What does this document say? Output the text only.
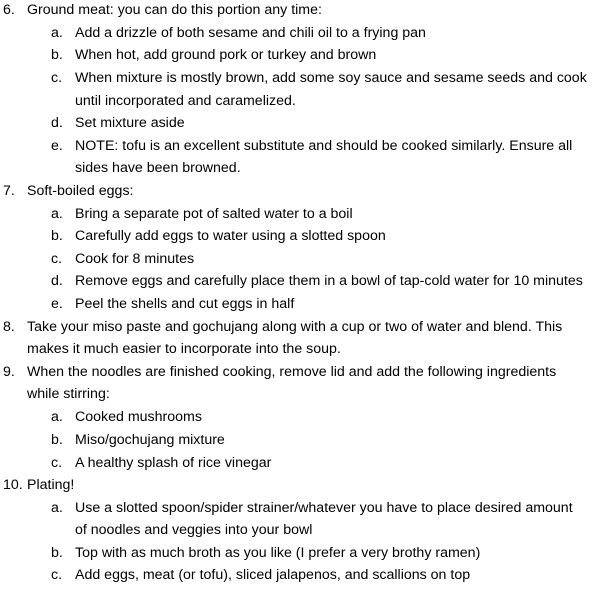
6. Ground meat: you can do this portion any time:
a. Add a drizzle of both sesame and chili oil to a frying pan
b. When hot, add ground pork or turkey and brown
c. When mixture is mostly brown, add some soy sauce and sesame seeds and cook
until incorporated and caramelized.
d. Set mixture aside
e. NOTE: tofu is an excellent substitute and should be cooked similarly. Ensure all
sides have been browned.
7. Soft-boiled eggs:
a. Bring a separate pot of salted water to a boil
b. Carefully add eggs to water using a slotted spoon
c. Cook for 8 minutes
d. Remove eggs and carefully place them in a bowl of tap-cold water for 10 minutes
e. Peel the shells and cut eggs in half
8. Take your miso paste and gochujang along with a cup or two of water and blend. This
makes it much easier to incorporate into the soup.
9. When the noodles are finished cooking, remove lid and add the following ingredients
while stirring:
a. Cooked mushrooms
b. Miso/gochujang mixture
c. A healthy splash of rice vinegar
10. Plating!
a. Use a slotted spoon/spider strainer/whatever you have to place desired amount
of noodles and veggies into your bowl
b. Top with as much broth as you like (I prefer a very brothy ramen)
c. Add eggs, meat (or tofu), sliced jalapenos, and scallions on top
